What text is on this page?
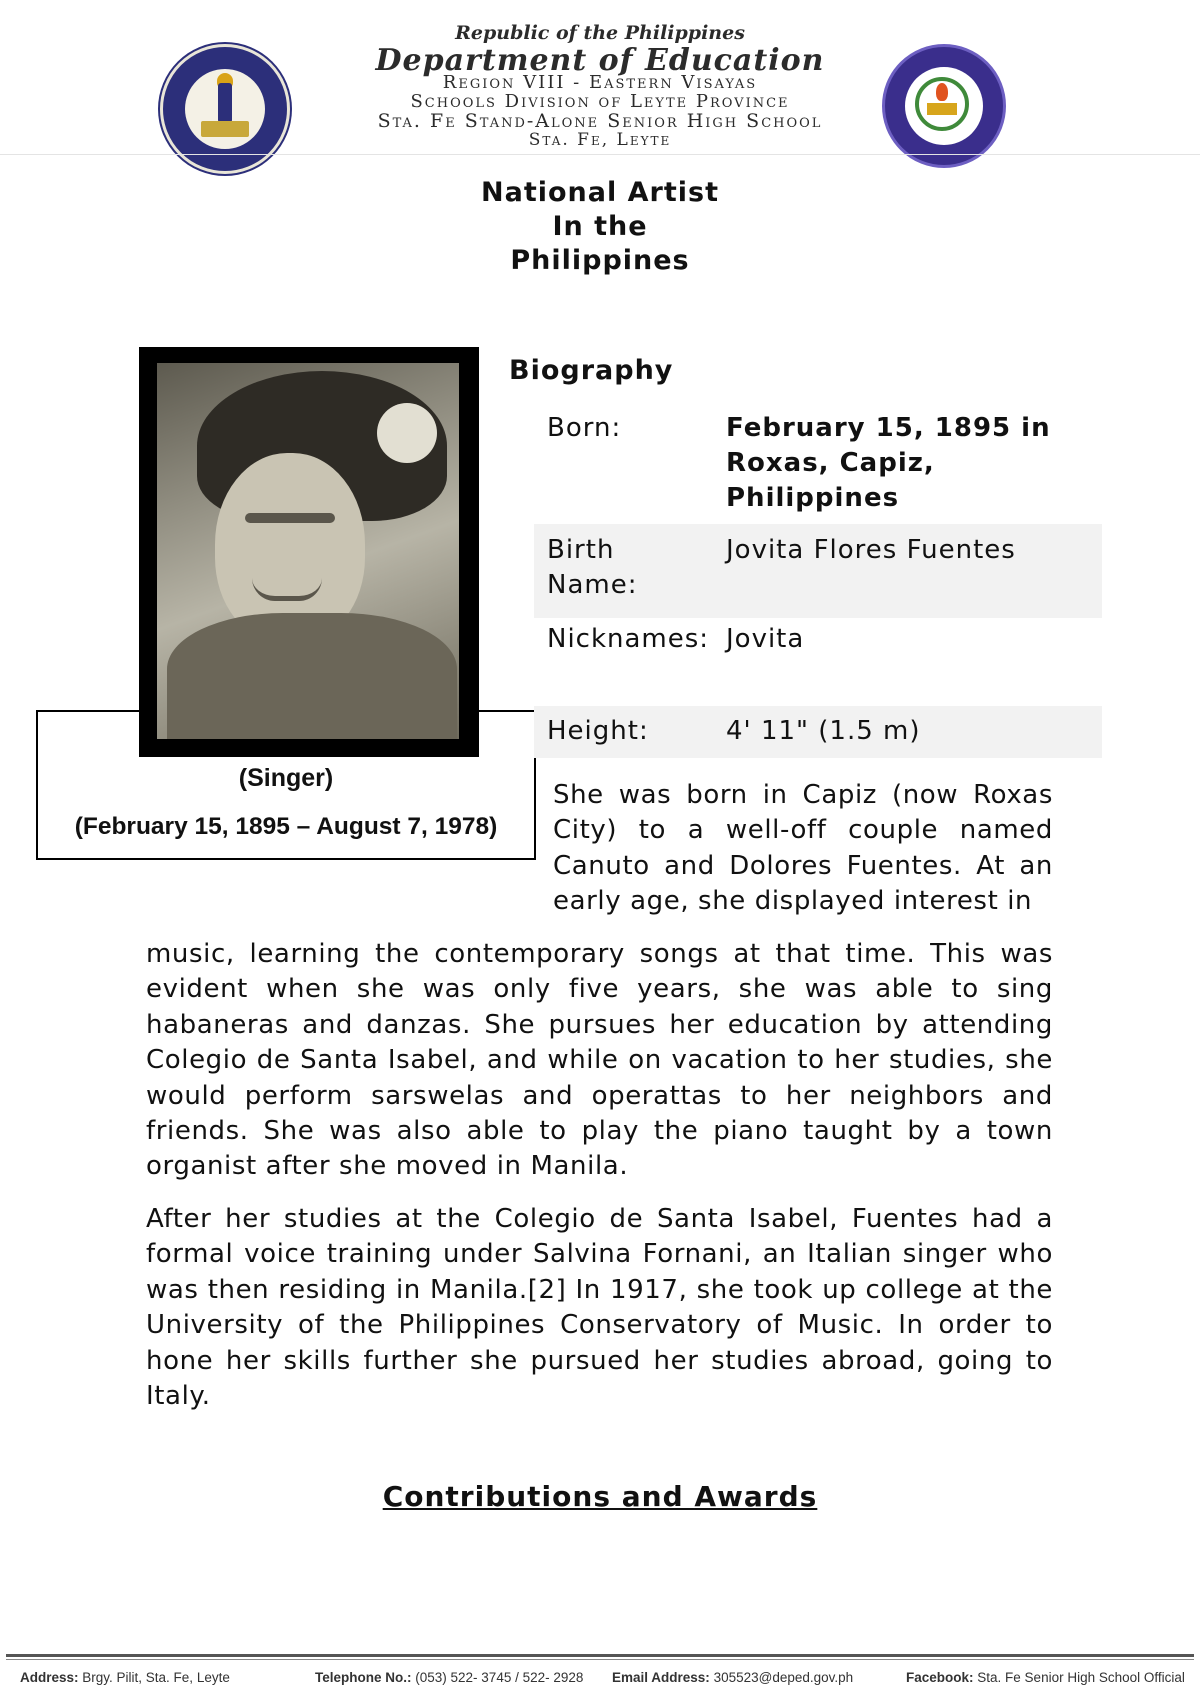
Republic of the Philippines
Department of Education
Region VIII - Eastern Visayas
Schools Division of Leyte Province
Sta. Fe Stand-Alone Senior High School
Sta. Fe, Leyte
National Artist
In the
Philippines
(Singer)
(February 15, 1895 – August 7, 1978)
Biography
Born:	February 15, 1895 in Roxas, Capiz, Philippines
Birth Name:
Jovita Flores Fuentes
Nicknames: Jovita
Height:	4' 11" (1.5 m)

She was born in Capiz (now Roxas City) to a well-off couple named Canuto and Dolores Fuentes. At an early age, she displayed interest in

music, learning the contemporary songs at that time. This was evident when she was only five years, she was able to sing habaneras and danzas. She pursues her education by attending Colegio de Santa Isabel, and while on vacation to her studies, she would perform sarswelas and operattas to her neighbors and friends. She was also able to play the piano taught by a town organist after she moved in Manila.

After her studies at the Colegio de Santa Isabel, Fuentes had a formal voice training under Salvina Fornani, an Italian singer who was then residing in Manila.[2] In 1917, she took up college at the University of the Philippines Conservatory of Music. In order to hone her skills further she pursued her studies abroad, going to Italy.

Contributions and Awards
Address: Brgy. Pilit, Sta. Fe, Leyte	Telephone No.: (053) 522- 3745 / 522- 2928 Email Address: 305523@deped.gov.ph	Facebook: Sta. Fe Senior High School Official
